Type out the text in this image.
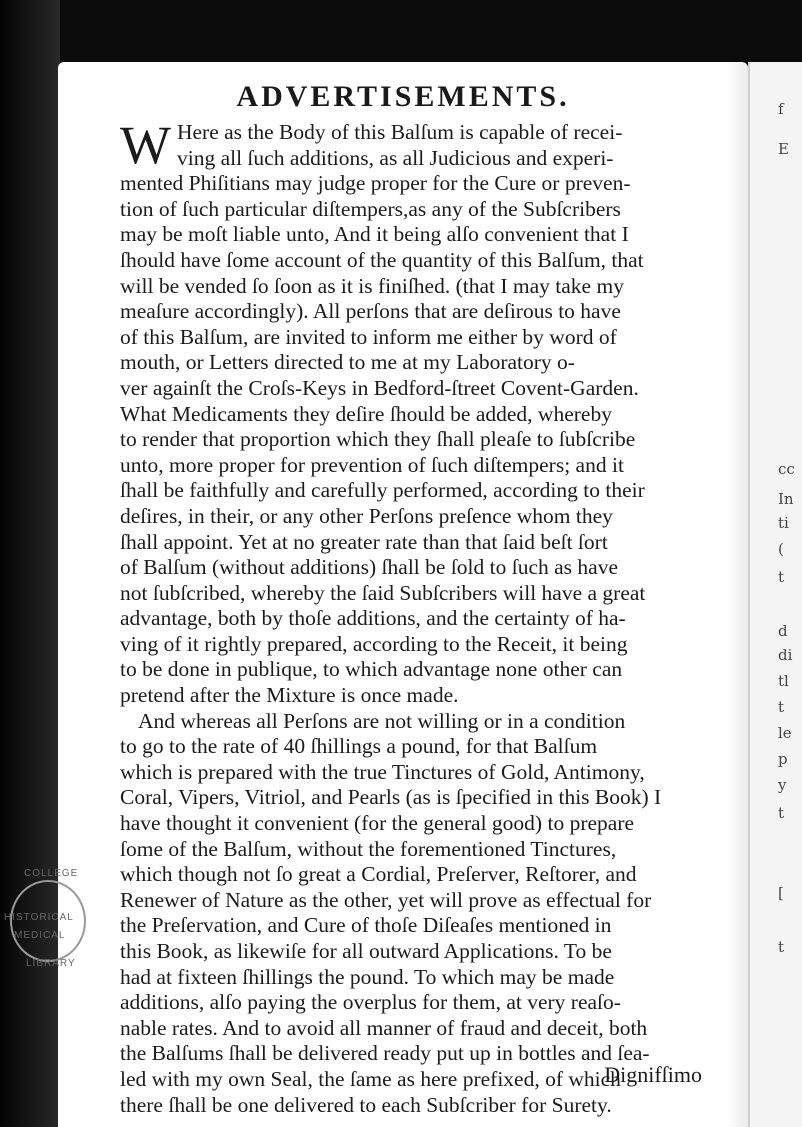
ADVERTISEMENTS.
W Here as the Body of this Balſum is capable of recei-
ving all ſuch additions, as all Judicious and experi-
mented Phiſitians may judge proper for the Cure or preven-
tion of ſuch particular diſtempers,as any of the Subſcribers
may be moſt liable unto, And it being alſo convenient that I
ſhould have ſome account of the quantity of this Balſum, that
will be vended ſo ſoon as it is finiſhed. (that I may take my
meaſure accordingly). All perſons that are deſirous to have
of this Balſum, are invited to inform me either by word of
mouth, or Letters directed to me at my Laboratory o-
ver againſt the Croſs-Keys in Bedford-ſtreet Covent-Garden.
What Medicaments they deſire ſhould be added, whereby
to render that proportion which they ſhall pleaſe to ſubſcribe
unto, more proper for prevention of ſuch diſtempers; and it
ſhall be faithfully and carefully performed, according to their
deſires, in their, or any other Perſons preſence whom they
ſhall appoint. Yet at no greater rate than that ſaid beſt ſort
of Balſum (without additions) ſhall be ſold to ſuch as have
not ſubſcribed, whereby the ſaid Subſcribers will have a great
advantage, both by thoſe additions, and the certainty of ha-
ving of it rightly prepared, according to the Receit, it being
to be done in publique, to which advantage none other can
pretend after the Mixture is once made.
And whereas all Perſons are not willing or in a condition
to go to the rate of 40 ſhillings a pound, for that Balſum
which is prepared with the true Tinctures of Gold, Antimony,
Coral, Vipers, Vitriol, and Pearls (as is ſpecified in this Book) I
have thought it convenient (for the general good) to prepare
ſome of the Balſum, without the forementioned Tinctures,
which though not ſo great a Cordial, Preſerver, Reſtorer, and
Renewer of Nature as the other, yet will prove as effectual for
the Preſervation, and Cure of thoſe Diſeaſes mentioned in
this Book, as likewiſe for all outward Applications. To be
had at fixteen ſhillings the pound. To which may be made
additions, alſo paying the overplus for them, at very reaſo-
nable rates. And to avoid all manner of fraud and deceit, both
the Balſums ſhall be delivered ready put up in bottles and ſea-
led with my own Seal, the ſame as here prefixed, of which
there ſhall be one delivered to each Subſcriber for Surety.
Dignifſimo
COLLEGE
HISTORICAL
MEDICAL
LIBRARY
f
E
cc
In
ti
(
t
d
di
tl
t
le
p
y
t
[
t
